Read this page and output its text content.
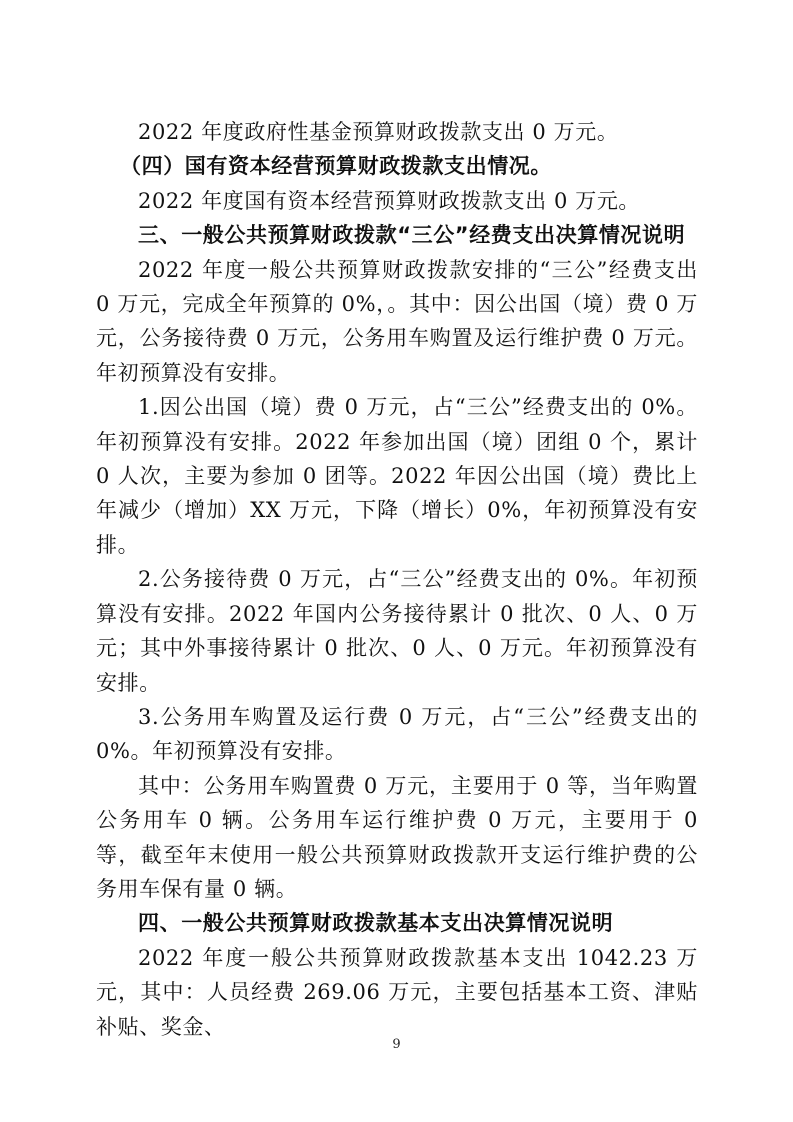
2022 年度政府性基金预算财政拨款支出 0 万元。

（四）国有资本经营预算财政拨款支出情况。

2022 年度国有资本经营预算财政拨款支出 0 万元。

三、一般公共预算财政拨款“三公”经费支出决算情况说明

2022 年度一般公共预算财政拨款安排的“三公”经费支出 0 万元，完成全年预算的 0%，。其中：因公出国（境）费 0 万元，公务接待费 0 万元，公务用车购置及运行维护费 0 万元。年初预算没有安排。

1.因公出国（境）费 0 万元，占“三公”经费支出的 0%。年初预算没有安排。2022 年参加出国（境）团组 0 个，累计 0 人次，主要为参加 0 团等。2022 年因公出国（境）费比上年减少（增加）XX 万元，下降（增长）0%，年初预算没有安排。

2.公务接待费 0 万元，占“三公”经费支出的 0%。年初预算没有安排。2022 年国内公务接待累计 0 批次、0 人、0 万元；其中外事接待累计 0 批次、0 人、0 万元。年初预算没有安排。

3.公务用车购置及运行费 0 万元，占“三公”经费支出的 0%。年初预算没有安排。

其中：公务用车购置费 0 万元，主要用于 0 等，当年购置公务用车 0 辆。公务用车运行维护费 0 万元，主要用于 0 等，截至年末使用一般公共预算财政拨款开支运行维护费的公务用车保有量 0 辆。

四、一般公共预算财政拨款基本支出决算情况说明

2022 年度一般公共预算财政拨款基本支出 1042.23 万元，其中：人员经费 269.06 万元，主要包括基本工资、津贴补贴、奖金、

9
